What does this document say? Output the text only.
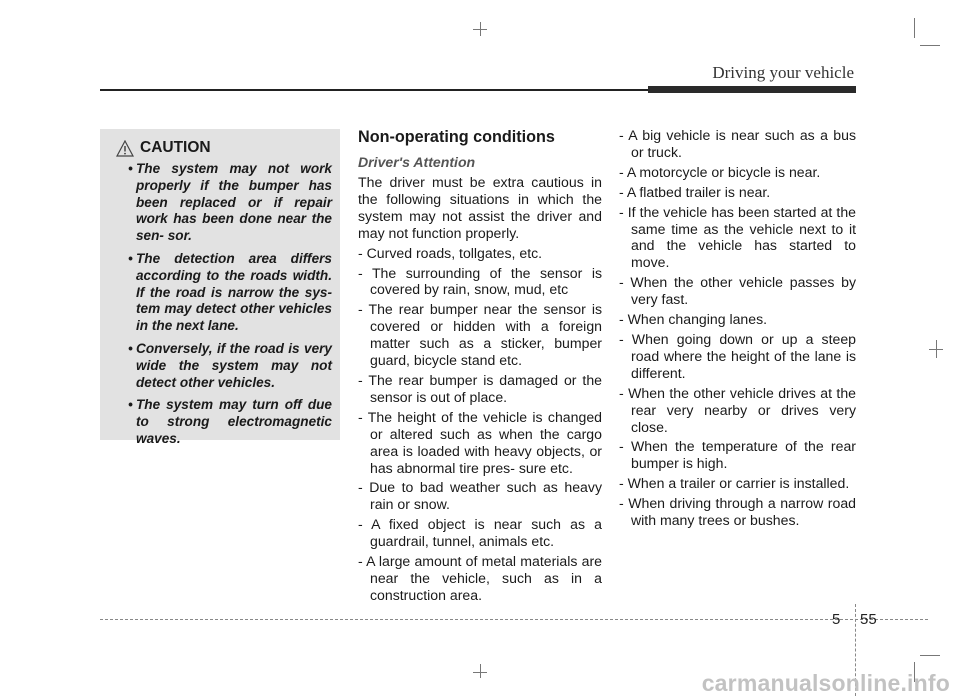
Driving your vehicle
CAUTION
• The system may not work properly if the bumper has been replaced or if repair work has been done near the sen- sor.
• The detection area differs according to the roads width. If the road is narrow the sys- tem may detect other vehicles in the next lane.
• Conversely, if the road is very wide the system may not detect other vehicles.
• The system may turn off due to strong electromagnetic waves.
Non-operating conditions
Driver's Attention

The driver must be extra cautious in the following situations in which the system may not assist the driver and may not function properly.

- Curved roads, tollgates, etc.
- The surrounding of the sensor is covered by rain, snow, mud, etc
- The rear bumper near the sensor is covered or hidden with a foreign matter such as a sticker, bumper guard, bicycle stand etc.
- The rear bumper is damaged or the sensor is out of place.
- The height of the vehicle is changed or altered such as when the cargo area is loaded with heavy objects, or has abnormal tire pres- sure etc.
- Due to bad weather such as heavy rain or snow.
- A fixed object is near such as a guardrail, tunnel, animals etc.
- A large amount of metal materials are near the vehicle, such as in a construction area.
- A big vehicle is near such as a bus or truck.
- A motorcycle or bicycle is near.
- A flatbed trailer is near.
- If the vehicle has been started at the same time as the vehicle next to it and the vehicle has started to move.
- When the other vehicle passes by very fast.
- When changing lanes.
- When going down or up a steep road where the height of the lane is different.
- When the other vehicle drives at the rear very nearby or drives very close.
- When the temperature of the rear bumper is high.
- When a trailer or carrier is installed.
- When driving through a narrow road with many trees or bushes.
5 55
carmanualsonline.info
